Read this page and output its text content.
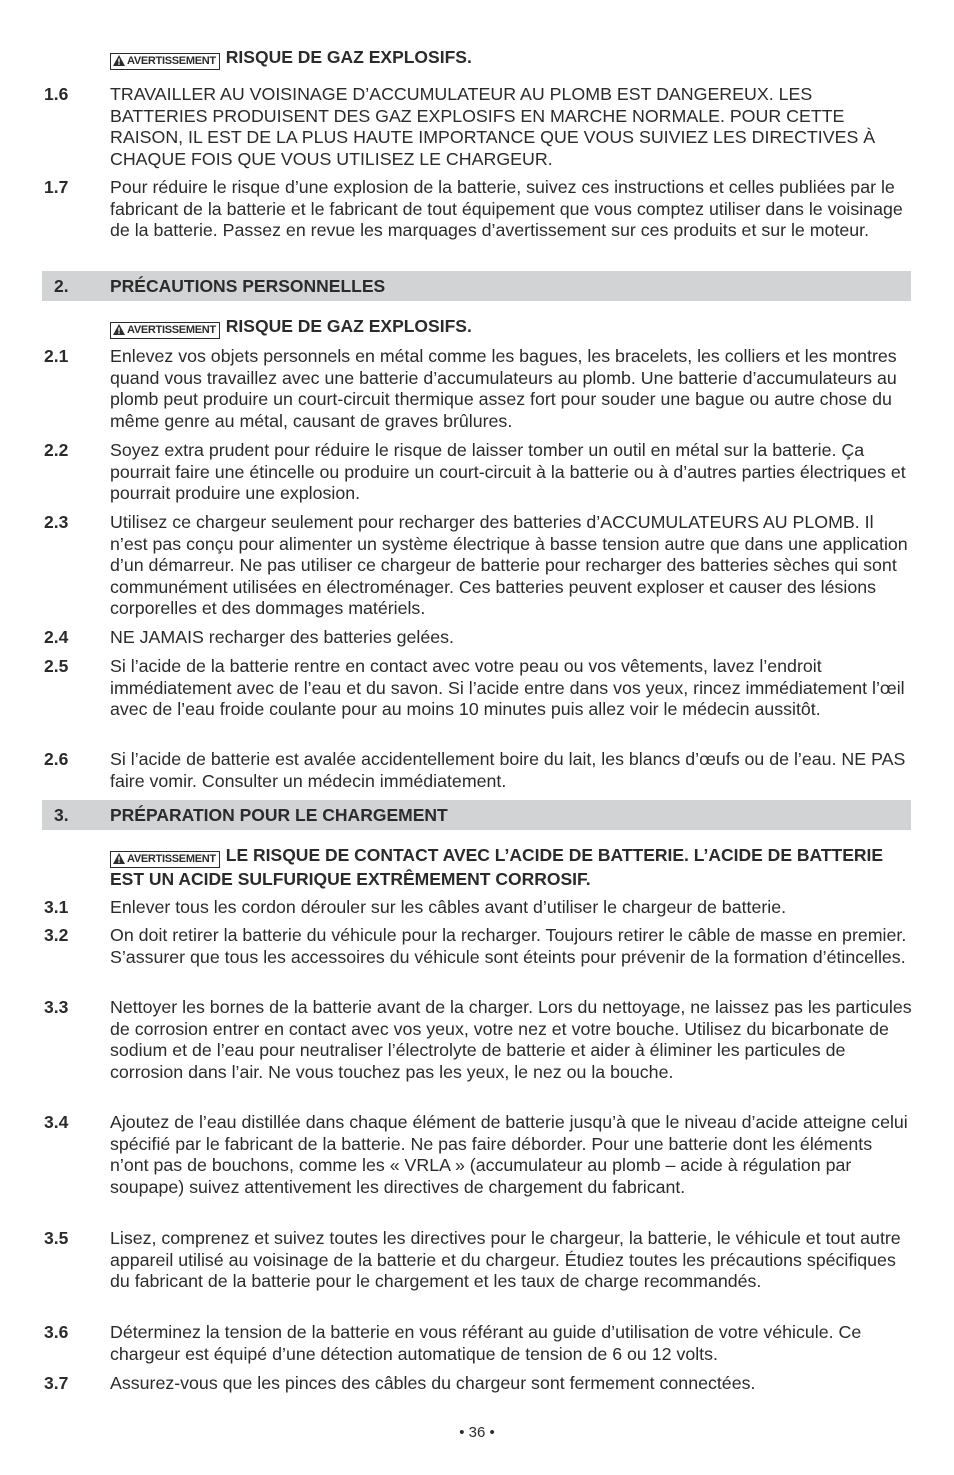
AVERTISSEMENT RISQUE DE GAZ EXPLOSIFS.
1.6 TRAVAILLER AU VOISINAGE D’ACCUMULATEUR AU PLOMB EST DANGEREUX. LES BATTERIES PRODUISENT DES GAZ EXPLOSIFS EN MARCHE NORMALE. POUR CETTE RAISON, IL EST DE LA PLUS HAUTE IMPORTANCE QUE VOUS SUIVIEZ LES DIRECTIVES À CHAQUE FOIS QUE VOUS UTILISEZ LE CHARGEUR.
1.7 Pour réduire le risque d’une explosion de la batterie, suivez ces instructions et celles publiées par le fabricant de la batterie et le fabricant de tout équipement que vous comptez utiliser dans le voisinage de la batterie. Passez en revue les marquages d’avertissement sur ces produits et sur le moteur.
2. PRÉCAUTIONS PERSONNELLES
AVERTISSEMENT RISQUE DE GAZ EXPLOSIFS.
2.1 Enlevez vos objets personnels en métal comme les bagues, les bracelets, les colliers et les montres quand vous travaillez avec une batterie d’accumulateurs au plomb. Une batterie d’accumulateurs au plomb peut produire un court-circuit thermique assez fort pour souder une bague ou autre chose du même genre au métal, causant de graves brûlures.
2.2 Soyez extra prudent pour réduire le risque de laisser tomber un outil en métal sur la batterie. Ça pourrait faire une étincelle ou produire un court-circuit à la batterie ou à d’autres parties électriques et pourrait produire une explosion.
2.3 Utilisez ce chargeur seulement pour recharger des batteries d’ACCUMULATEURS AU PLOMB. Il n’est pas conçu pour alimenter un système électrique à basse tension autre que dans une application d’un démarreur. Ne pas utiliser ce chargeur de batterie pour recharger des batteries sèches qui sont communément utilisées en électroménager. Ces batteries peuvent exploser et causer des lésions corporelles et des dommages matériels.
2.4 NE JAMAIS recharger des batteries gelées.
2.5 Si l’acide de la batterie rentre en contact avec votre peau ou vos vêtements, lavez l’endroit immédiatement avec de l’eau et du savon. Si l’acide entre dans vos yeux, rincez immédiatement l’œil avec de l’eau froide coulante pour au moins 10 minutes puis allez voir le médecin aussitôt.
2.6 Si l’acide de batterie est avalée accidentellement boire du lait, les blancs d’œufs ou de l’eau. NE PAS faire vomir. Consulter un médecin immédiatement.
3. PRÉPARATION POUR LE CHARGEMENT
AVERTISSEMENT LE RISQUE DE CONTACT AVEC L’ACIDE DE BATTERIE. L’ACIDE DE BATTERIE EST UN ACIDE SULFURIQUE EXTRÊMEMENT CORROSIF.
3.1 Enlever tous les cordon dérouler sur les câbles avant d’utiliser le chargeur de batterie.
3.2 On doit retirer la batterie du véhicule pour la recharger. Toujours retirer le câble de masse en premier. S’assurer que tous les accessoires du véhicule sont éteints pour prévenir de la formation d’étincelles.
3.3 Nettoyer les bornes de la batterie avant de la charger. Lors du nettoyage, ne laissez pas les particules de corrosion entrer en contact avec vos yeux, votre nez et votre bouche. Utilisez du bicarbonate de sodium et de l’eau pour neutraliser l’électrolyte de batterie et aider à éliminer les particules de corrosion dans l’air. Ne vous touchez pas les yeux, le nez ou la bouche.
3.4 Ajoutez de l’eau distillée dans chaque élément de batterie jusqu’à que le niveau d’acide atteigne celui spécifié par le fabricant de la batterie. Ne pas faire déborder. Pour une batterie dont les éléments n’ont pas de bouchons, comme les « VRLA » (accumulateur au plomb – acide à régulation par soupape) suivez attentivement les directives de chargement du fabricant.
3.5 Lisez, comprenez et suivez toutes les directives pour le chargeur, la batterie, le véhicule et tout autre appareil utilisé au voisinage de la batterie et du chargeur. Étudiez toutes les précautions spécifiques du fabricant de la batterie pour le chargement et les taux de charge recommandés.
3.6 Déterminez la tension de la batterie en vous référant au guide d’utilisation de votre véhicule. Ce chargeur est équipé d’une détection automatique de tension de 6 ou 12 volts.
3.7 Assurez-vous que les pinces des câbles du chargeur sont fermement connectées.
• 36 •
